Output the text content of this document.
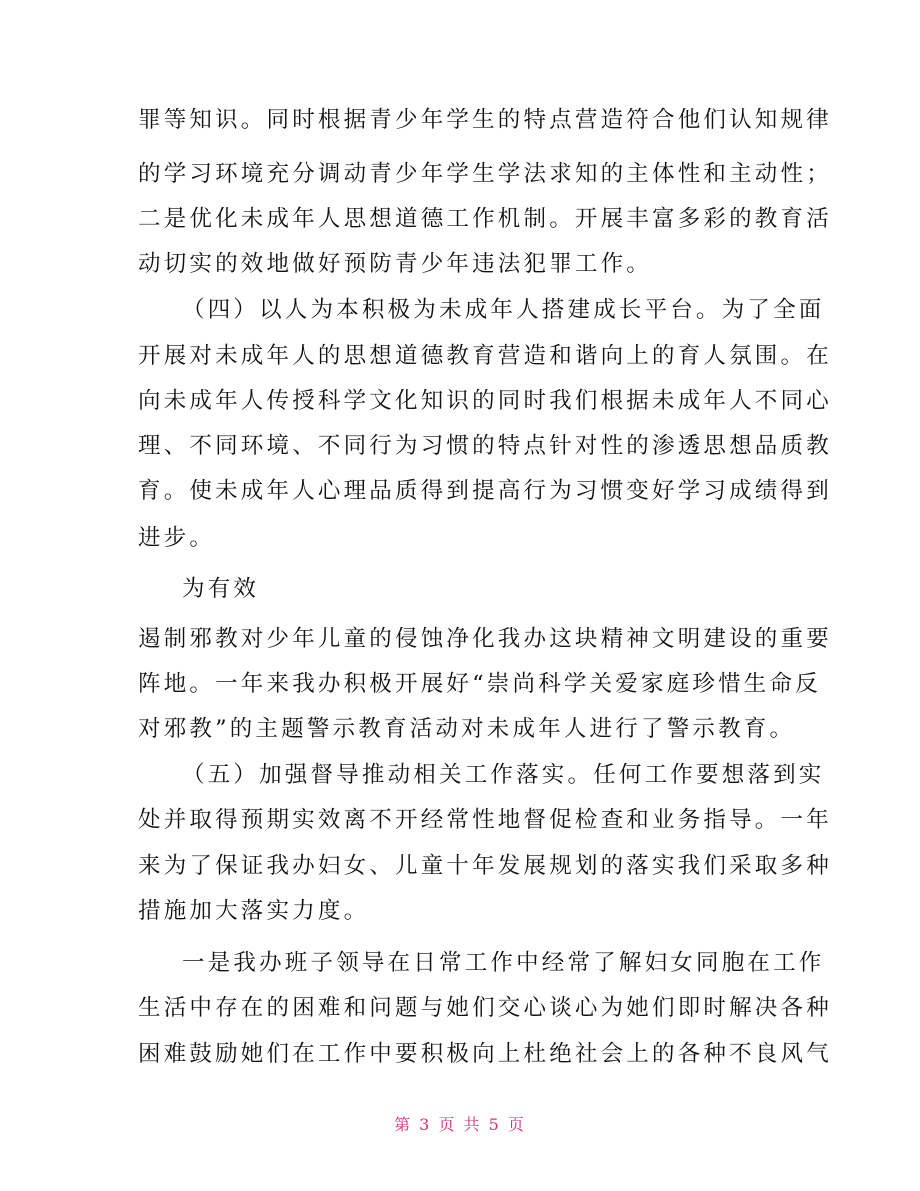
罪等知识。同时根据青少年学生的特点营造符合他们认知规律
的学习环境充分调动青少年学生学法求知的主体性和主动性；
二是优化未成年人思想道德工作机制。开展丰富多彩的教育活
动切实的效地做好预防青少年违法犯罪工作。
（四）以人为本积极为未成年人搭建成长平台。为了全面
开展对未成年人的思想道德教育营造和谐向上的育人氛围。在
向未成年人传授科学文化知识的同时我们根据未成年人不同心
理、不同环境、不同行为习惯的特点针对性的渗透思想品质教
育。使未成年人心理品质得到提高行为习惯变好学习成绩得到
进步。
为有效
遏制邪教对少年儿童的侵蚀净化我办这块精神文明建设的重要
阵地。一年来我办积极开展好“崇尚科学关爱家庭珍惜生命反
对邪教”的主题警示教育活动对未成年人进行了警示教育。
（五）加强督导推动相关工作落实。任何工作要想落到实
处并取得预期实效离不开经常性地督促检查和业务指导。一年
来为了保证我办妇女、儿童十年发展规划的落实我们采取多种
措施加大落实力度。
一是我办班子领导在日常工作中经常了解妇女同胞在工作
生活中存在的困难和问题与她们交心谈心为她们即时解决各种
困难鼓励她们在工作中要积极向上杜绝社会上的各种不良风气
第 3 页 共 5 页
